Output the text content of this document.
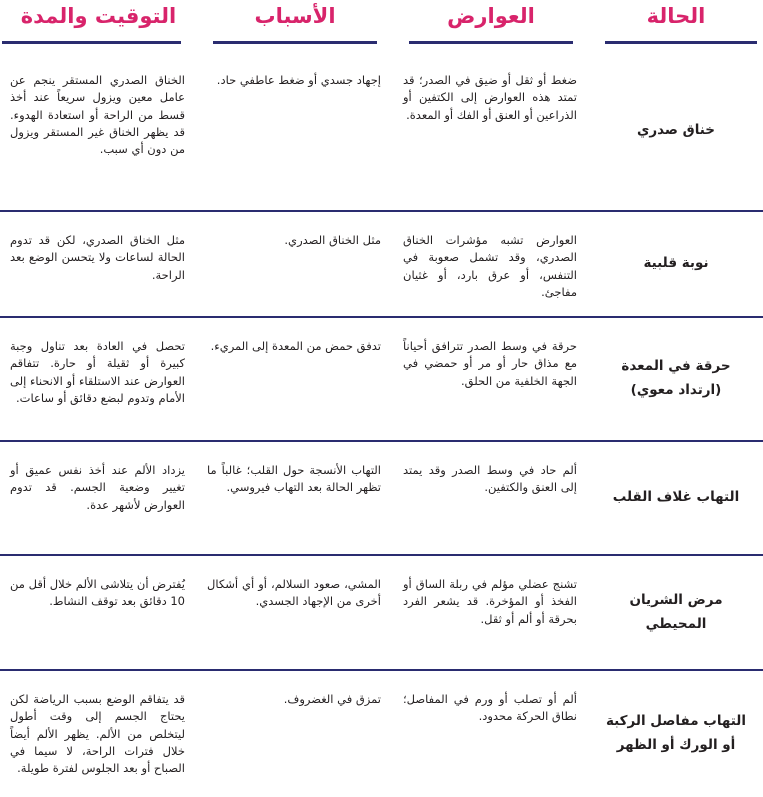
الحالة
العوارض
الأسباب
التوقيت والمدة
خناق صدري
ضغط أو ثقل أو ضيق في الصدر؛ قد تمتد هذه العوارض إلى الكتفين أو الذراعين أو العنق أو الفك أو المعدة.
إجهاد جسدي أو ضغط عاطفي حاد.
الخناق الصدري المستقر ينجم عن عامل معين ويزول سريعاً عند أخذ قسط من الراحة أو استعادة الهدوء. قد يظهر الخناق غير المستقر ويزول من دون أي سبب.
نوبة قلبية
العوارض تشبه مؤشرات الخناق الصدري، وقد تشمل صعوبة في التنفس، أو عرق بارد، أو غثيان مفاجئ.
مثل الخناق الصدري.
مثل الخناق الصدري، لكن قد تدوم الحالة لساعات ولا يتحسن الوضع بعد الراحة.
حرقة في المعدة (ارتداد معوي)
حرقة في وسط الصدر تترافق أحياناً مع مذاق حار أو مر أو حمضي في الجهة الخلفية من الحلق.
تدفق حمض من المعدة إلى المريء.
تحصل في العادة بعد تناول وجبة كبيرة أو ثقيلة أو حارة. تتفاقم العوارض عند الاستلقاء أو الانحناء إلى الأمام وتدوم لبضع دقائق أو ساعات.
التهاب غلاف القلب
ألم حاد في وسط الصدر وقد يمتد إلى العنق والكتفين.
التهاب الأنسجة حول القلب؛ غالباً ما تظهر الحالة بعد التهاب فيروسي.
يزداد الألم عند أخذ نفس عميق أو تغيير وضعية الجسم. قد تدوم العوارض لأشهر عدة.
مرض الشريان المحيطي
تشنج عضلي مؤلم في ربلة الساق أو الفخذ أو المؤخرة. قد يشعر الفرد بحرقة أو ألم أو ثقل.
المشي، صعود السلالم، أو أي أشكال أخرى من الإجهاد الجسدي.
يُفترض أن يتلاشى الألم خلال أقل من 10 دقائق بعد توقف النشاط.
التهاب مفاصل الركبة أو الورك أو الظهر
ألم أو تصلب أو ورم في المفاصل؛ نطاق الحركة محدود.
تمزق في الغضروف.
قد يتفاقم الوضع بسبب الرياضة لكن يحتاج الجسم إلى وقت أطول ليتخلص من الألم. يظهر الألم أيضاً خلال فترات الراحة، لا سيما في الصباح أو بعد الجلوس لفترة طويلة.
